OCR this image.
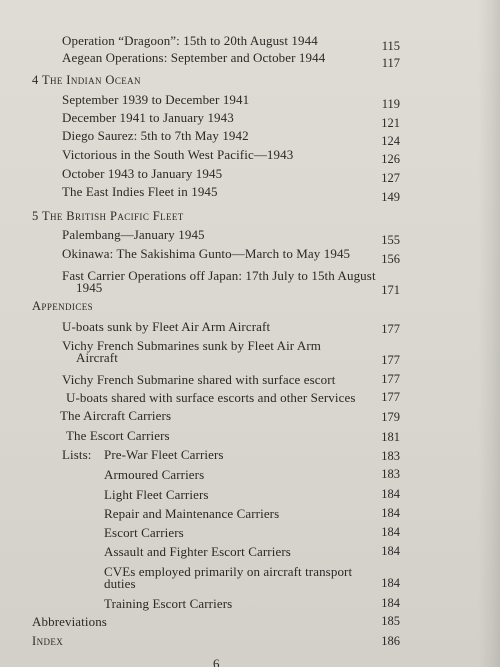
Operation “Dragoon”: 15th to 20th August 1944	115
Aegean Operations: September and October 1944	117
4 The Indian Ocean
September 1939 to December 1941	119
December 1941 to January 1943	121
Diego Saurez: 5th to 7th May 1942	124
Victorious in the South West Pacific—1943	126
October 1943 to January 1945	127
The East Indies Fleet in 1945	149
5 The British Pacific Fleet
Palembang—January 1945	155
Okinawa: The Sakishima Gunto—March to May 1945	156
Fast Carrier Operations off Japan: 17th July to 15th August
1945	171
Appendices
U-boats sunk by Fleet Air Arm Aircraft	177
Vichy French Submarines sunk by Fleet Air Arm
Aircraft	177
Vichy French Submarine shared with surface escort	177
U-boats shared with surface escorts and other Services	177
The Aircraft Carriers	179
The Escort Carriers	181
Lists: Pre-War Fleet Carriers	183
Armoured Carriers	183
Light Fleet Carriers	184
Repair and Maintenance Carriers	184
Escort Carriers	184
Assault and Fighter Escort Carriers	184
CVEs employed primarily on aircraft transport
duties	184
Training Escort Carriers	184
Abbreviations	185
Index	186
6
